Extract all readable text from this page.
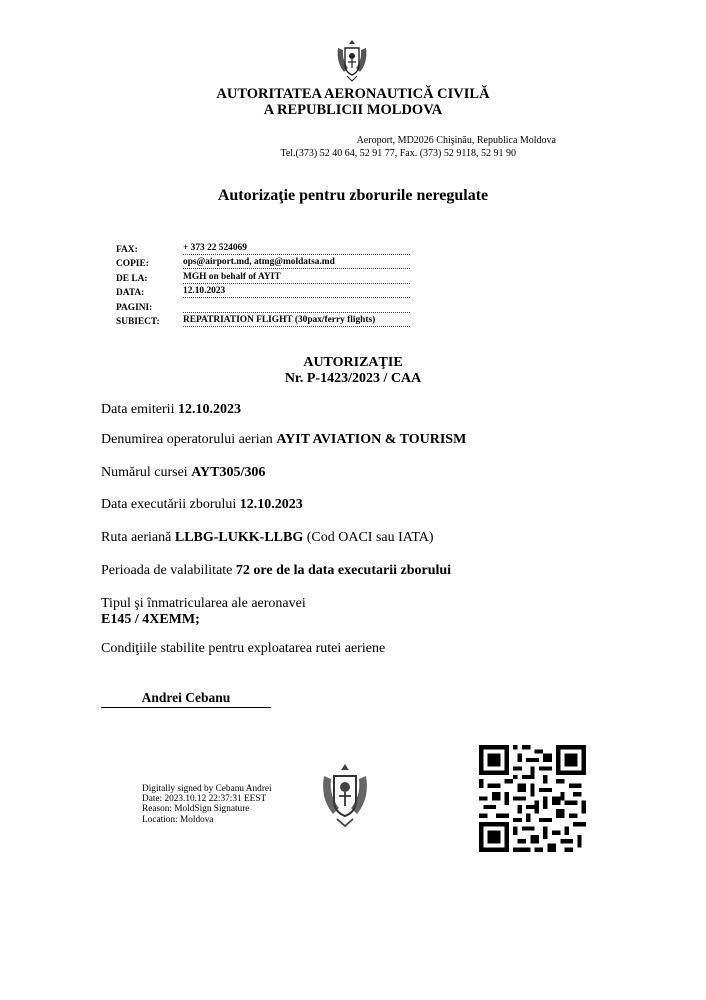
AUTORITATEA AERONAUTICĂ CIVILĂ
A REPUBLICII MOLDOVA
Aeroport, MD2026 Chişinău, Republica Moldova
Tel.(373) 52 40 64, 52 91 77, Fax. (373) 52 9118, 52 91 90
Autorizaţie pentru zborurile neregulate
FAX:	+ 373 22 524069
COPIE:	ops@airport.md, atmg@moldatsa.md
DE LA:	MGH on behalf of AYIT
DATA:	12.10.2023
PAGINI:
SUBIECT:	REPATRIATION FLIGHT (30pax/ferry flights)
AUTORIZAŢIE
Nr. P-1423/2023 / CAA
Data emiterii 12.10.2023
Denumirea operatorului aerian AYIT AVIATION & TOURISM
Numărul cursei AYT305/306
Data executării zborului 12.10.2023
Ruta aeriană LLBG-LUKK-LLBG (Cod OACI sau IATA)
Perioada de valabilitate 72 ore de la data executarii zborului
Tipul şi înmatricularea ale aeronavei
E145 / 4XEMM;
Condiţiile stabilite pentru exploatarea rutei aeriene
Andrei Cebanu
Digitally signed by Cebanu Andrei
Date: 2023.10.12 22:37:31 EEST
Reason: MoldSign Signature
Location: Moldova
